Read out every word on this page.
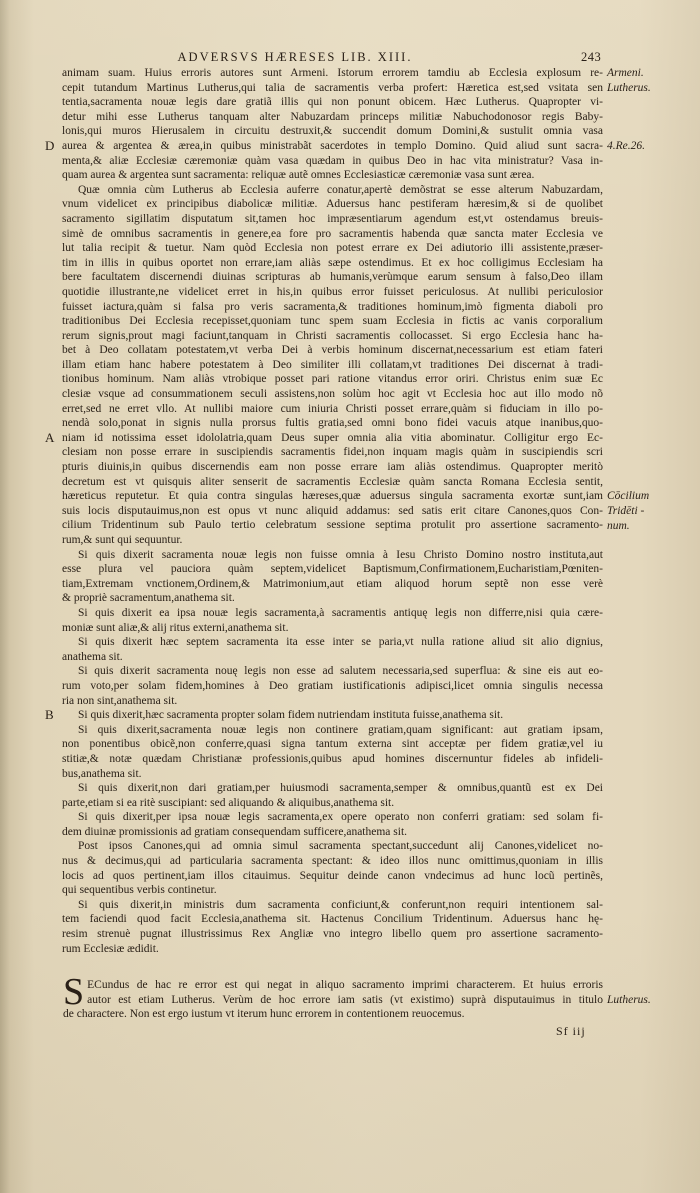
ADVERSVS HÆRESES LIB. XIII.	243
Armeni.
Lutherus.
4.Re.26.
Cōcilium
Tridēti -
num.
Lutherus.
D
A
B
animam suam. Huius erroris autores sunt Armeni. Istorum errorem tamdiu ab Ecclesia explosum re-
cepit tutandum Martinus Lutherus,qui talia de sacramentis verba profert: Hæretica est,sed vsitata sen
tentia,sacramenta nouæ legis dare gratiã illis qui non ponunt obicem. Hæc Lutherus. Quapropter vi-
detur mihi esse Lutherus tanquam alter Nabuzardam princeps militiæ Nabuchodonosor regis Baby-
lonis,qui muros Hierusalem in circuitu destruxit,& succendit domum Domini,& sustulit omnia vasa
aurea & argentea & ærea,in quibus ministrabãt sacerdotes in templo Domino. Quid aliud sunt sacra-
menta,& aliæ Ecclesiæ cæremoniæ quàm vasa quædam in quibus Deo in hac vita ministratur? Vasa in-
quam aurea & argentea sunt sacramenta: reliquæ autẽ omnes Ecclesiasticæ cæremoniæ vasa sunt ærea.
Quæ omnia cùm Lutherus ab Ecclesia auferre conatur,apertè demõstrat se esse alterum Nabuzardam,
vnum videlicet ex principibus diabolicæ militiæ. Aduersus hanc pestiferam hæresim,& si de quolibet
sacramento sigillatim disputatum sit,tamen hoc impræsentiarum agendum est,vt ostendamus breuis-
simè de omnibus sacramentis in genere,ea fore pro sacramentis habenda quæ sancta mater Ecclesia ve
lut talia recipit & tuetur. Nam quòd Ecclesia non potest errare ex Dei adiutorio illi assistente,præser-
tim in illis in quibus oportet non errare,iam aliàs sæpe ostendimus. Et ex hoc colligimus Ecclesiam ha
bere facultatem discernendi diuinas scripturas ab humanis,verùmque earum sensum à falso,Deo illam
quotidie illustrante,ne videlicet erret in his,in quibus error fuisset periculosus. At nullibi periculosior
fuisset iactura,quàm si falsa pro veris sacramenta,& traditiones hominum,imò figmenta diaboli pro
traditionibus Dei Ecclesia recepisset,quoniam tunc spem suam Ecclesia in fictis ac vanis corporalium
rerum signis,prout magi faciunt,tanquam in Christi sacramentis collocasset. Si ergo Ecclesia hanc ha-
bet à Deo collatam potestatem,vt verba Dei à verbis hominum discernat,necessarium est etiam fateri
illam etiam hanc habere potestatem à Deo similiter illi collatam,vt traditiones Dei discernat à tradi-
tionibus hominum. Nam aliàs vtrobique posset pari ratione vitandus error oriri. Christus enim suæ Ec
clesiæ vsque ad consummationem seculi assistens,non solùm hoc agit vt Ecclesia hoc aut illo modo nõ
erret,sed ne erret vllo. At nullibi maiore cum iniuria Christi posset errare,quàm si fiduciam in illo po-
nendà solo,ponat in signis nulla prorsus fultis gratia,sed omni bono fidei vacuis atque inanibus,quo-
niam id notissima esset idololatria,quam Deus super omnia alia vitia abominatur. Colligitur ergo Ec-
clesiam non posse errare in suscipiendis sacramentis fidei,non inquam magis quàm in suscipiendis scri
pturis diuinis,in quibus discernendis eam non posse errare iam aliàs ostendimus. Quapropter meritò
decretum est vt quisquis aliter senserit de sacramentis Ecclesiæ quàm sancta Romana Ecclesia sentit,
hæreticus reputetur. Et quia contra singulas hæreses,quæ aduersus singula sacramenta exortæ sunt,iam
suis locis disputauimus,non est opus vt nunc aliquid addamus: sed satis erit citare Canones,quos Con-
cilium Tridentinum sub Paulo tertio celebratum sessione septima protulit pro assertione sacramento-
rum,& sunt qui sequuntur.
Si quis dixerit sacramenta nouæ legis non fuisse omnia à Iesu Christo Domino nostro instituta,aut
esse plura vel pauciora quàm septem,videlicet Baptismum,Confirmationem,Eucharistiam,Pœniten-
tiam,Extremam vnctionem,Ordinem,& Matrimonium,aut etiam aliquod horum septẽ non esse verè
& propriè sacramentum,anathema sit.
Si quis dixerit ea ipsa nouæ legis sacramenta,à sacramentis antiquę legis non differre,nisi quia cære-
moniæ sunt aliæ,& alij ritus externi,anathema sit.
Si quis dixerit hæc septem sacramenta ita esse inter se paria,vt nulla ratione aliud sit alio dignius,
anathema sit.
Si quis dixerit sacramenta nouę legis non esse ad salutem necessaria,sed superflua: & sine eis aut eo-
rum voto,per solam fidem,homines à Deo gratiam iustificationis adipisci,licet omnia singulis necessa
ria non sint,anathema sit.
Si quis dixerit,hæc sacramenta propter solam fidem nutriendam instituta fuisse,anathema sit.
Si quis dixerit,sacramenta nouæ legis non continere gratiam,quam significant: aut gratiam ipsam,
non ponentibus obicẽ,non conferre,quasi signa tantum externa sint acceptæ per fidem gratiæ,vel iu
stitiæ,& notæ quædam Christianæ professionis,quibus apud homines discernuntur fideles ab infideli-
bus,anathema sit.
Si quis dixerit,non dari gratiam,per huiusmodi sacramenta,semper & omnibus,quantũ est ex Dei
parte,etiam si ea ritè suscipiant: sed aliquando & aliquibus,anathema sit.
Si quis dixerit,per ipsa nouæ legis sacramenta,ex opere operato non conferri gratiam: sed solam fi-
dem diuinæ promissionis ad gratiam consequendam sufficere,anathema sit.
Post ipsos Canones,qui ad omnia simul sacramenta spectant,succedunt alij Canones,videlicet no-
nus & decimus,qui ad particularia sacramenta spectant: & ideo illos nunc omittimus,quoniam in illis
locis ad quos pertinent,iam illos citauimus. Sequitur deinde canon vndecimus ad hunc locũ pertinẽs,
qui sequentibus verbis continetur.
Si quis dixerit,in ministris dum sacramenta conficiunt,& conferunt,non requiri intentionem sal-
tem faciendi quod facit Ecclesia,anathema sit. Hactenus Concilium Tridentinum. Aduersus hanc hę-
resim strenuè pugnat illustrissimus Rex Angliæ vno integro libello quem pro assertione sacramento-
rum Ecclesiæ ædidit.
S ECundus de hac re error est qui negat in aliquo sacramento imprimi characterem. Et huius erroris
autor est etiam Lutherus. Verùm de hoc errore iam satis (vt existimo) suprà disputauimus in titulo
de charactere. Non est ergo iustum vt iterum hunc errorem in contentionem reuocemus.
Sf iij
